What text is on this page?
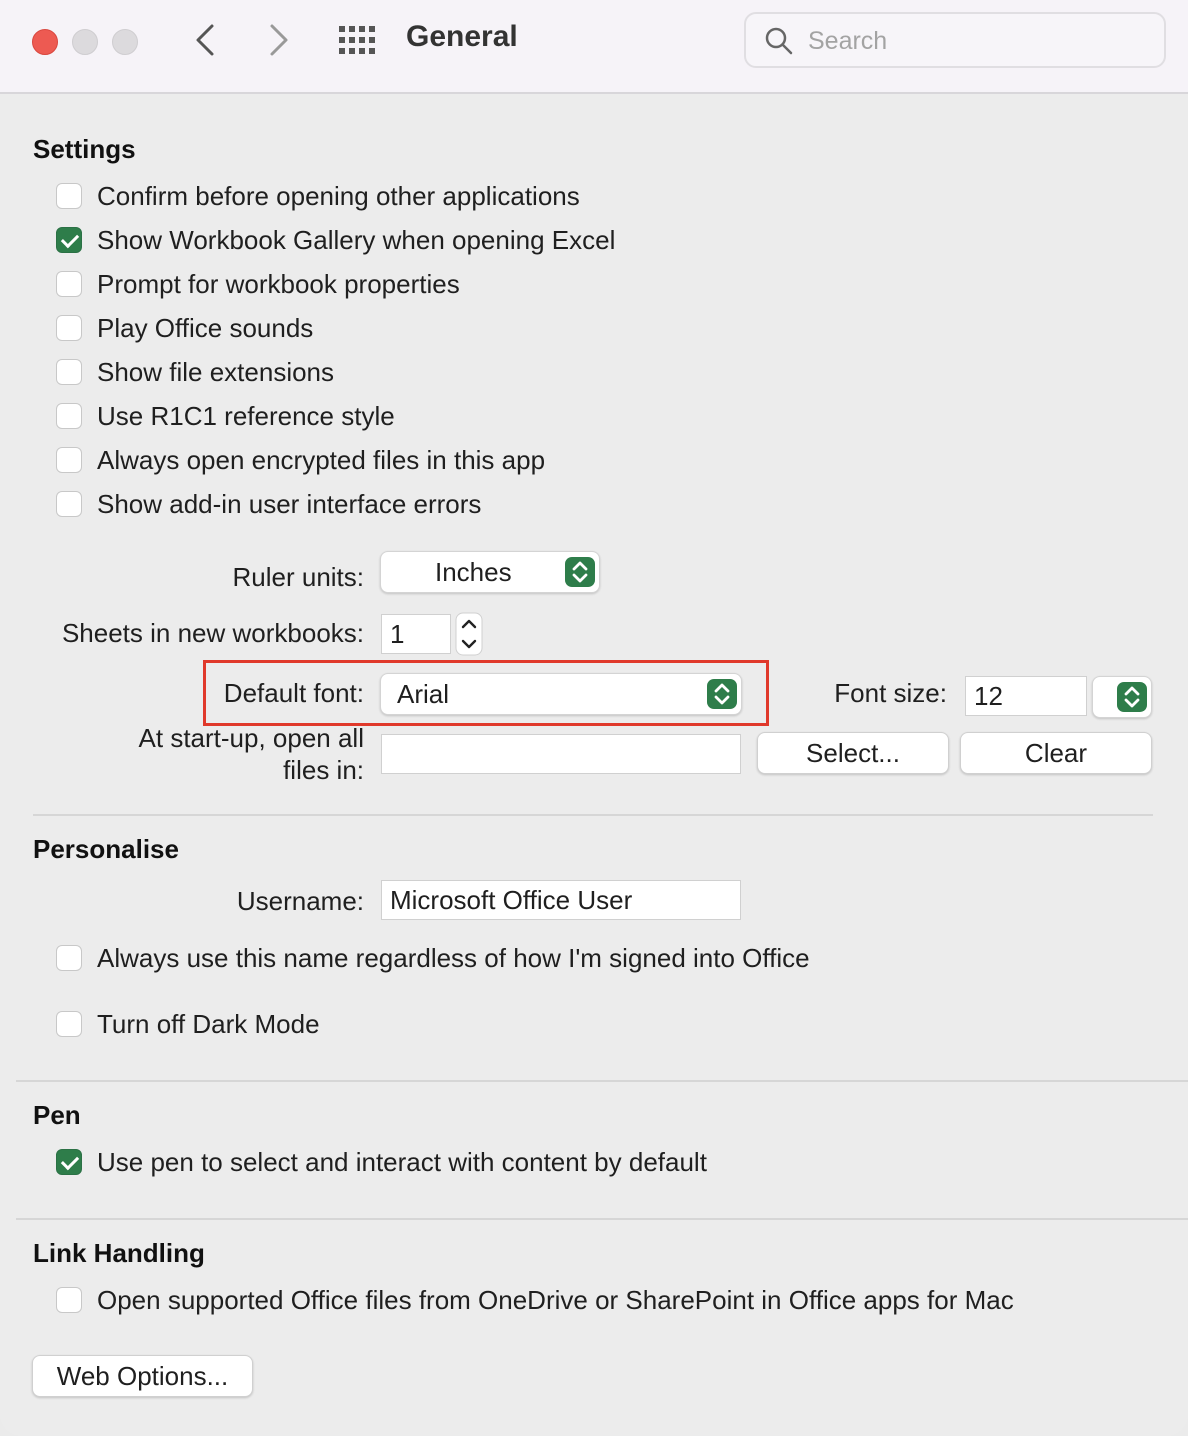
General
Search
Settings
Confirm before opening other applications
Show Workbook Gallery when opening Excel
Prompt for workbook properties
Play Office sounds
Show file extensions
Use R1C1 reference style
Always open encrypted files in this app
Show add-in user interface errors
Ruler units:	Inches
Sheets in new workbooks:	1
Default font: Arial	Font size:	12
At start-up, open all
files in:
Select...	Clear
Personalise
Username:	Microsoft Office User
Always use this name regardless of how I'm signed into Office
Turn off Dark Mode
Pen
Use pen to select and interact with content by default
Link Handling
Open supported Office files from OneDrive or SharePoint in Office apps for Mac
Web Options...
